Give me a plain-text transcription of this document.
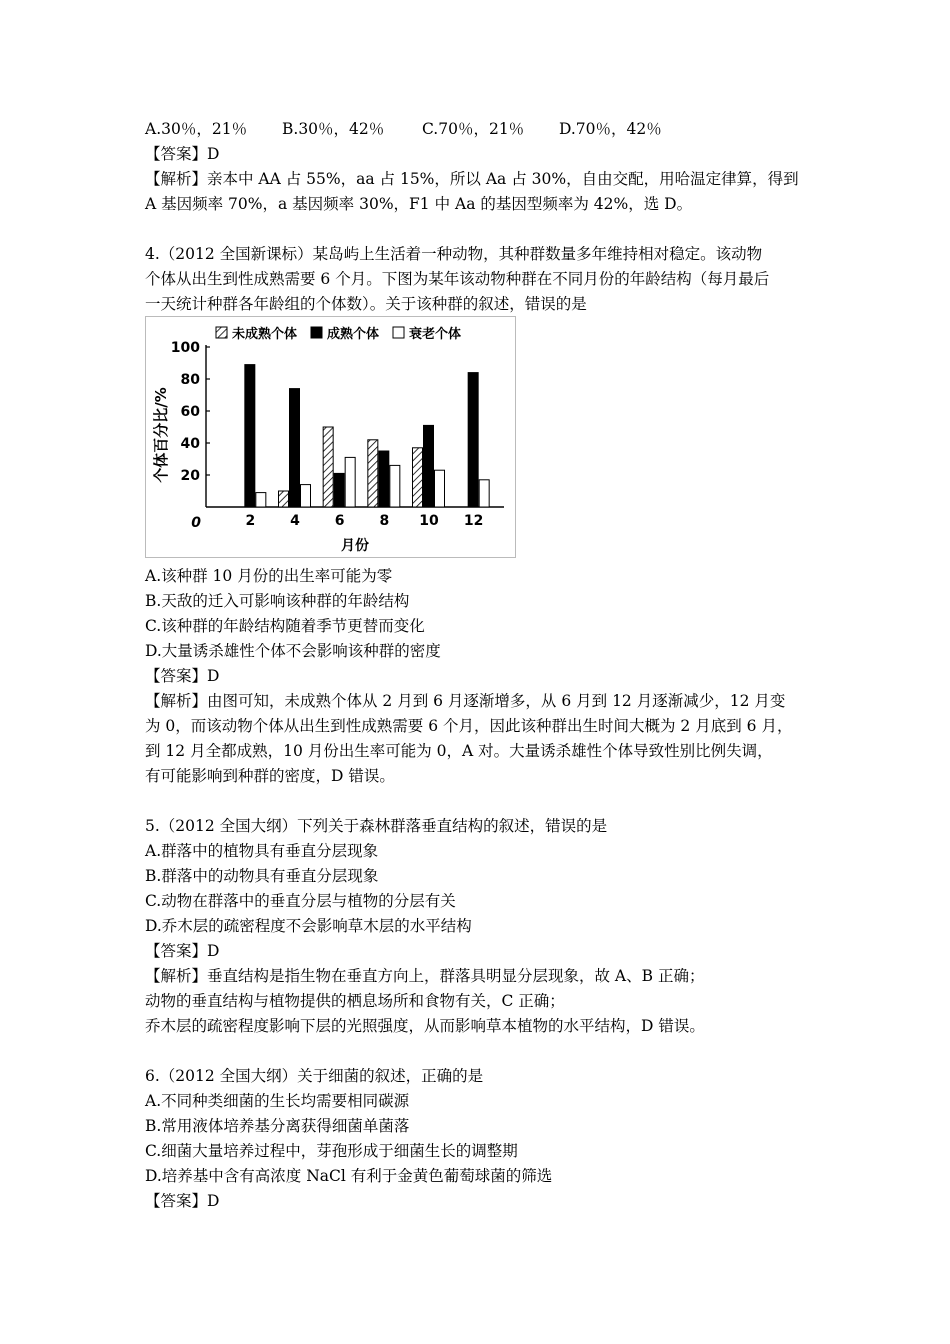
A.30％，21％ B.30％，42％ C.70％，21％ D.70％，42％
【答案】D
【解析】亲本中 AA 占 55%，aa 占 15%，所以 Aa 占 30%，自由交配，用哈温定律算，得到
A 基因频率 70%，a 基因频率 30%，F1 中 Aa 的基因型频率为 42%，选 D。
4.（2012 全国新课标）某岛屿上生活着一种动物，其种群数量多年维持相对稳定。该动物
个体从出生到性成熟需要 6 个月。下图为某年该动物种群在不同月份的年龄结构（每月最后
一天统计种群各年龄组的个体数）。关于该种群的叙述，错误的是
未成熟个体 成熟个体 衰老个体
20
40
60
80
100
0	2 4 6 8 10 12
个体百分比/%
月份
A.该种群 10 月份的出生率可能为零
B.天敌的迁入可影响该种群的年龄结构
C.该种群的年龄结构随着季节更替而变化
D.大量诱杀雄性个体不会影响该种群的密度
【答案】D
【解析】由图可知，未成熟个体从 2 月到 6 月逐渐增多，从 6 月到 12 月逐渐减少，12 月变
为 0，而该动物个体从出生到性成熟需要 6 个月，因此该种群出生时间大概为 2 月底到 6 月，
到 12 月全都成熟，10 月份出生率可能为 0，A 对。大量诱杀雄性个体导致性别比例失调，
有可能影响到种群的密度，D 错误。
5.（2012 全国大纲）下列关于森林群落垂直结构的叙述，错误的是
A.群落中的植物具有垂直分层现象
B.群落中的动物具有垂直分层现象
C.动物在群落中的垂直分层与植物的分层有关
D.乔木层的疏密程度不会影响草木层的水平结构
【答案】D
【解析】垂直结构是指生物在垂直方向上，群落具明显分层现象，故 A、B 正确；
动物的垂直结构与植物提供的栖息场所和食物有关，C 正确；
乔木层的疏密程度影响下层的光照强度，从而影响草本植物的水平结构，D 错误。
6.（2012 全国大纲）关于细菌的叙述，正确的是
A.不同种类细菌的生长均需要相同碳源
B.常用液体培养基分离获得细菌单菌落
C.细菌大量培养过程中，芽孢形成于细菌生长的调整期
D.培养基中含有高浓度 NaCl 有利于金黄色葡萄球菌的筛选
【答案】D
